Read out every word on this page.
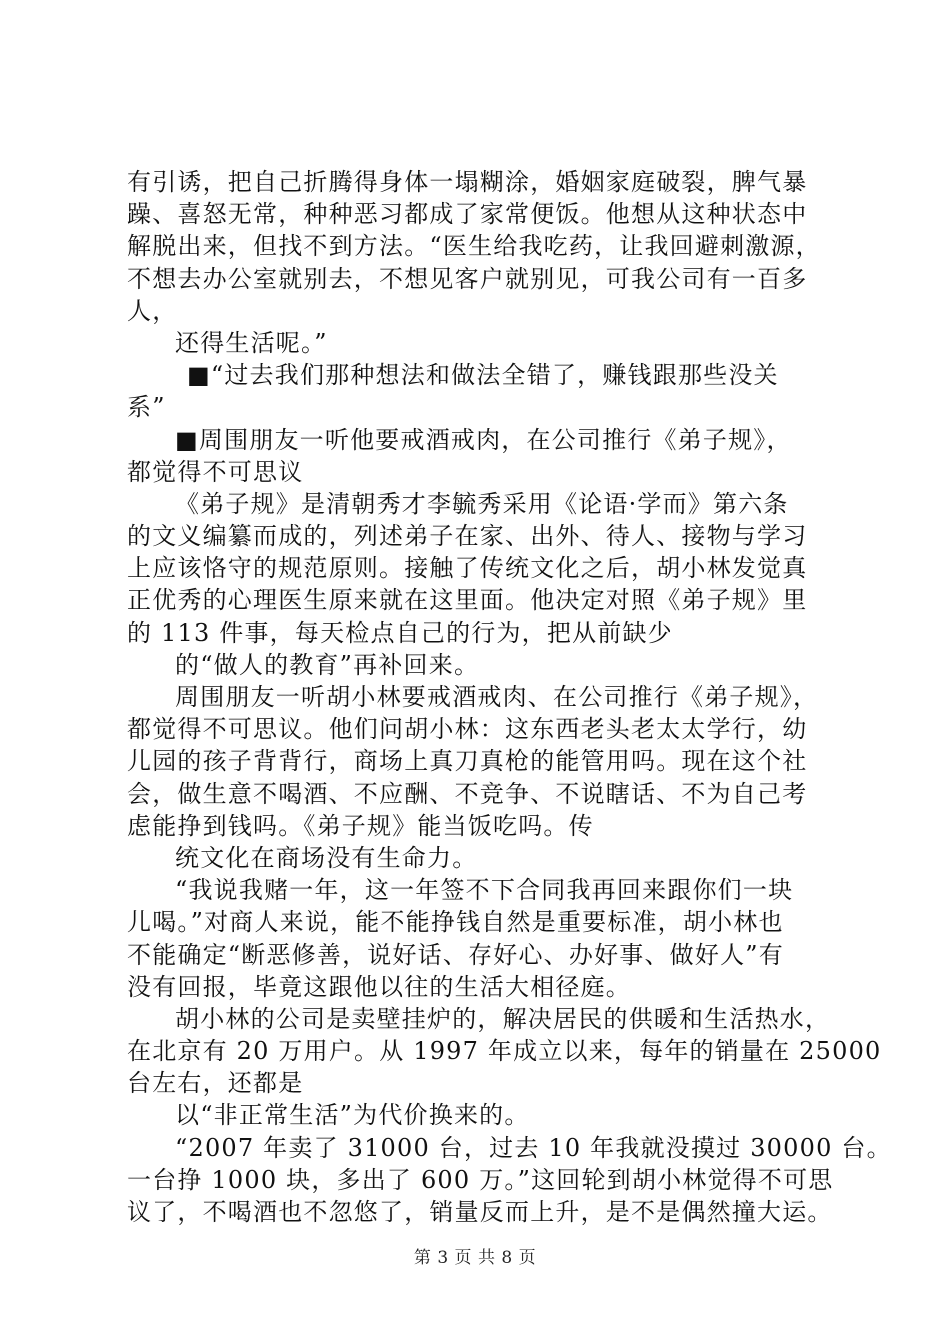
有引诱，把自己折腾得身体一塌糊涂，婚姻家庭破裂，脾气暴
躁、喜怒无常，种种恶习都成了家常便饭。他想从这种状态中
解脱出来，但找不到方法。“医生给我吃药，让我回避刺激源，
不想去办公室就别去，不想见客户就别见，可我公司有一百多
人，
还得生活呢。”
■“过去我们那种想法和做法全错了，赚钱跟那些没关
系”
■周围朋友一听他要戒酒戒肉，在公司推行《弟子规》，
都觉得不可思议
《弟子规》是清朝秀才李毓秀采用《论语·学而》第六条
的文义编纂而成的，列述弟子在家、出外、待人、接物与学习
上应该恪守的规范原则。接触了传统文化之后，胡小林发觉真
正优秀的心理医生原来就在这里面。他决定对照《弟子规》里
的 113 件事，每天检点自己的行为，把从前缺少
的“做人的教育”再补回来。
周围朋友一听胡小林要戒酒戒肉、在公司推行《弟子规》，
都觉得不可思议。他们问胡小林：这东西老头老太太学行，幼
儿园的孩子背背行，商场上真刀真枪的能管用吗。现在这个社
会，做生意不喝酒、不应酬、不竞争、不说瞎话、不为自己考
虑能挣到钱吗。《弟子规》能当饭吃吗。传
统文化在商场没有生命力。
“我说我赌一年，这一年签不下合同我再回来跟你们一块
儿喝。”对商人来说，能不能挣钱自然是重要标准，胡小林也
不能确定“断恶修善，说好话、存好心、办好事、做好人”有
没有回报，毕竟这跟他以往的生活大相径庭。
胡小林的公司是卖壁挂炉的，解决居民的供暖和生活热水，
在北京有 20 万用户。从 1997 年成立以来，每年的销量在 25000
台左右，还都是
以“非正常生活”为代价换来的。
“2007 年卖了 31000 台，过去 10 年我就没摸过 30000 台。
一台挣 1000 块，多出了 600 万。”这回轮到胡小林觉得不可思
议了，不喝酒也不忽悠了，销量反而上升，是不是偶然撞大运。
第 3 页 共 8 页
